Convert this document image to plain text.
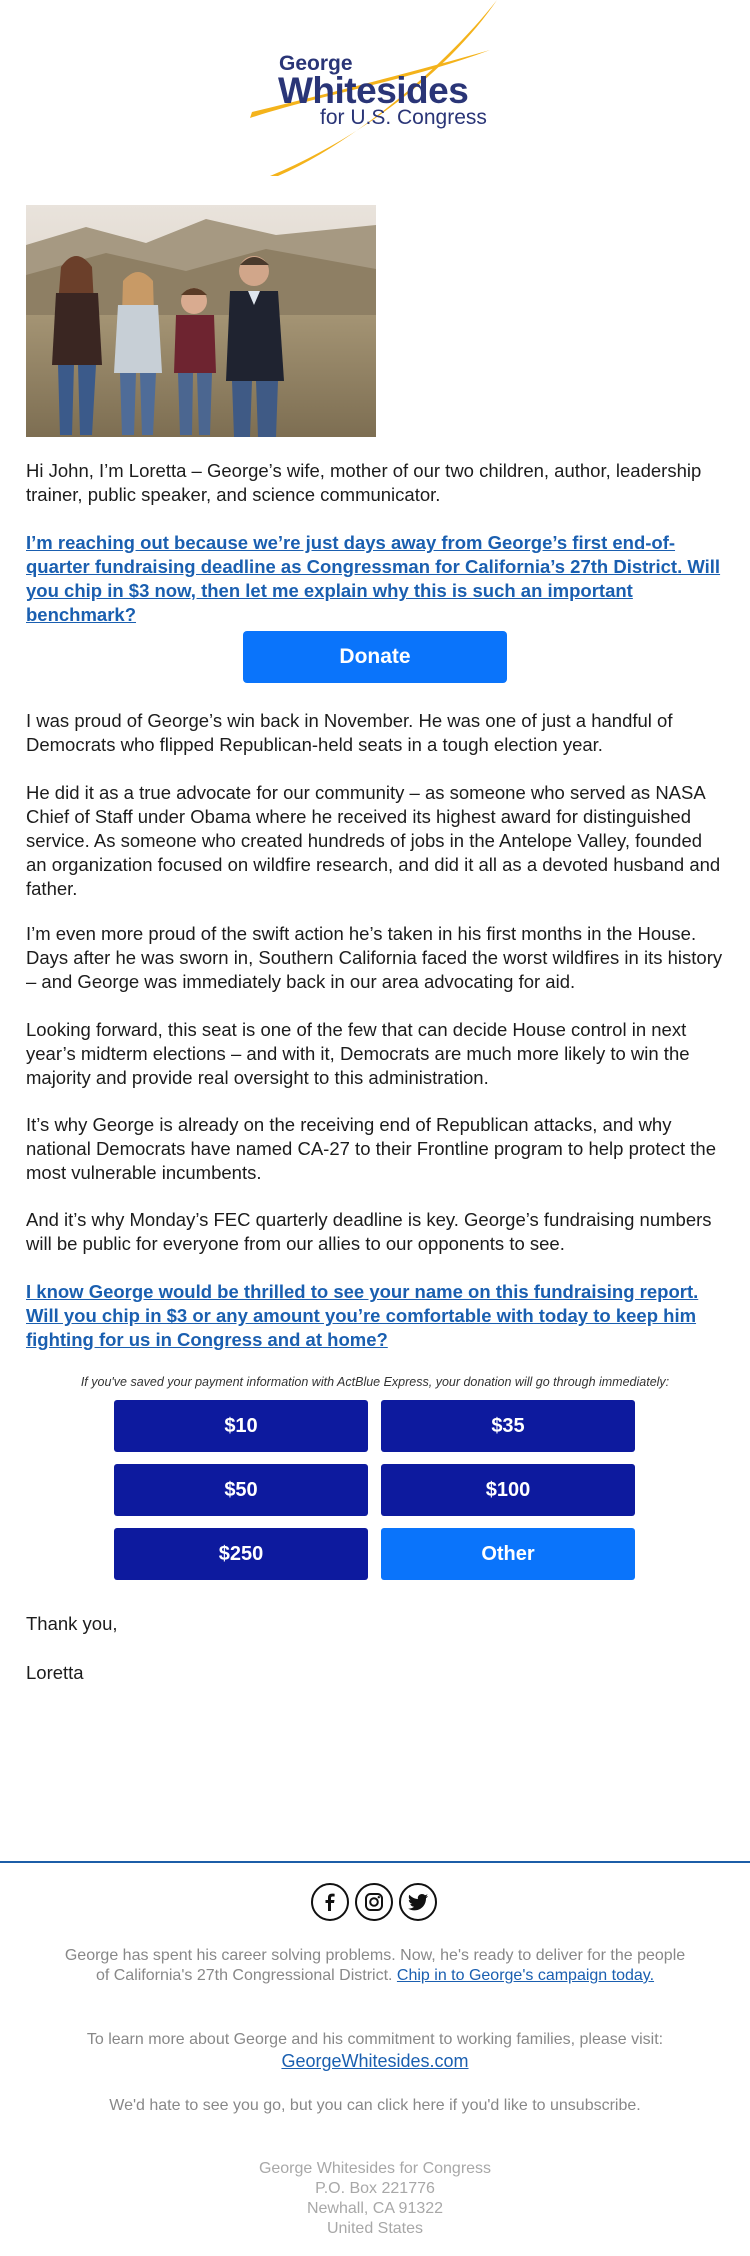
George
Whitesides
for U.S. Congress
Hi John, I’m Loretta – George’s wife, mother of our two children, author, leadership trainer, public speaker, and science communicator.
I’m reaching out because we’re just days away from George’s first end-of-quarter fundraising deadline as Congressman for California’s 27th District. Will you chip in $3 now, then let me explain why this is such an important benchmark?
Donate
I was proud of George’s win back in November. He was one of just a handful of Democrats who flipped Republican-held seats in a tough election year.
He did it as a true advocate for our community – as someone who served as NASA Chief of Staff under Obama where he received its highest award for distinguished service. As someone who created hundreds of jobs in the Antelope Valley, founded an organization focused on wildfire research, and did it all as a devoted husband and father.
I’m even more proud of the swift action he’s taken in his first months in the House. Days after he was sworn in, Southern California faced the worst wildfires in its history – and George was immediately back in our area advocating for aid.
Looking forward, this seat is one of the few that can decide House control in next year’s midterm elections – and with it, Democrats are much more likely to win the majority and provide real oversight to this administration.
It’s why George is already on the receiving end of Republican attacks, and why national Democrats have named CA-27 to their Frontline program to help protect the most vulnerable incumbents.
And it’s why Monday’s FEC quarterly deadline is key. George’s fundraising numbers will be public for everyone from our allies to our opponents to see.
I know George would be thrilled to see your name on this fundraising report. Will you chip in $3 or any amount you’re comfortable with today to keep him fighting for us in Congress and at home?
If you've saved your payment information with ActBlue Express, your donation will go through immediately:
$10	$35
$50	$100
$250	Other
Thank you,
Loretta
George has spent his career solving problems. Now, he's ready to deliver for the people of California's 27th Congressional District. Chip in to George's campaign today.
To learn more about George and his commitment to working families, please visit:
GeorgeWhitesides.com
We'd hate to see you go, but you can click here if you'd like to unsubscribe.
George Whitesides for Congress
P.O. Box 221776
Newhall, CA 91322
United States
